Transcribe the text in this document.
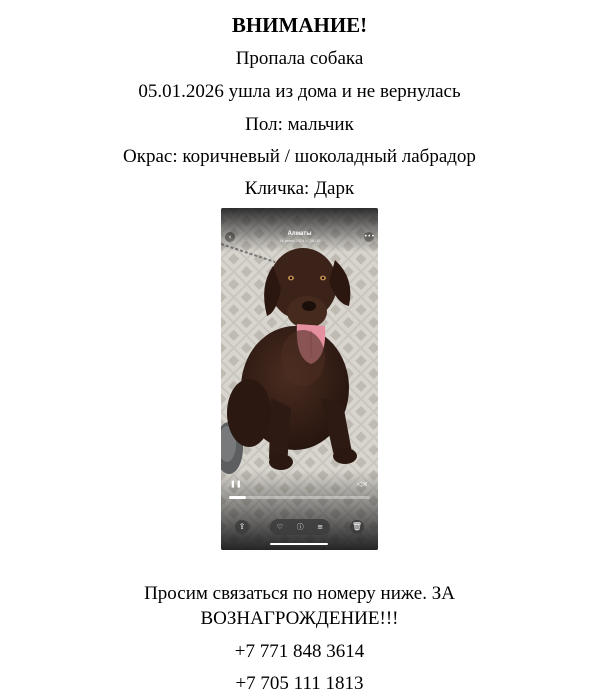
ВНИМАНИЕ!
Пропала собака
05.01.2026 ушла из дома и не вернулась
Пол: мальчик
Окрас: коричневый / шоколадный лабрадор
Кличка: Дарк
‹	Алматы
14 июня 2024 г., 08:00
•••
❚❚	◁×
⇪	♡ ⓘ ≡	🗑
Просим связаться по номеру ниже. ЗА
ВОЗНАГРОЖДЕНИЕ!!!
+7 771 848 3614
+7 705 111 1813
